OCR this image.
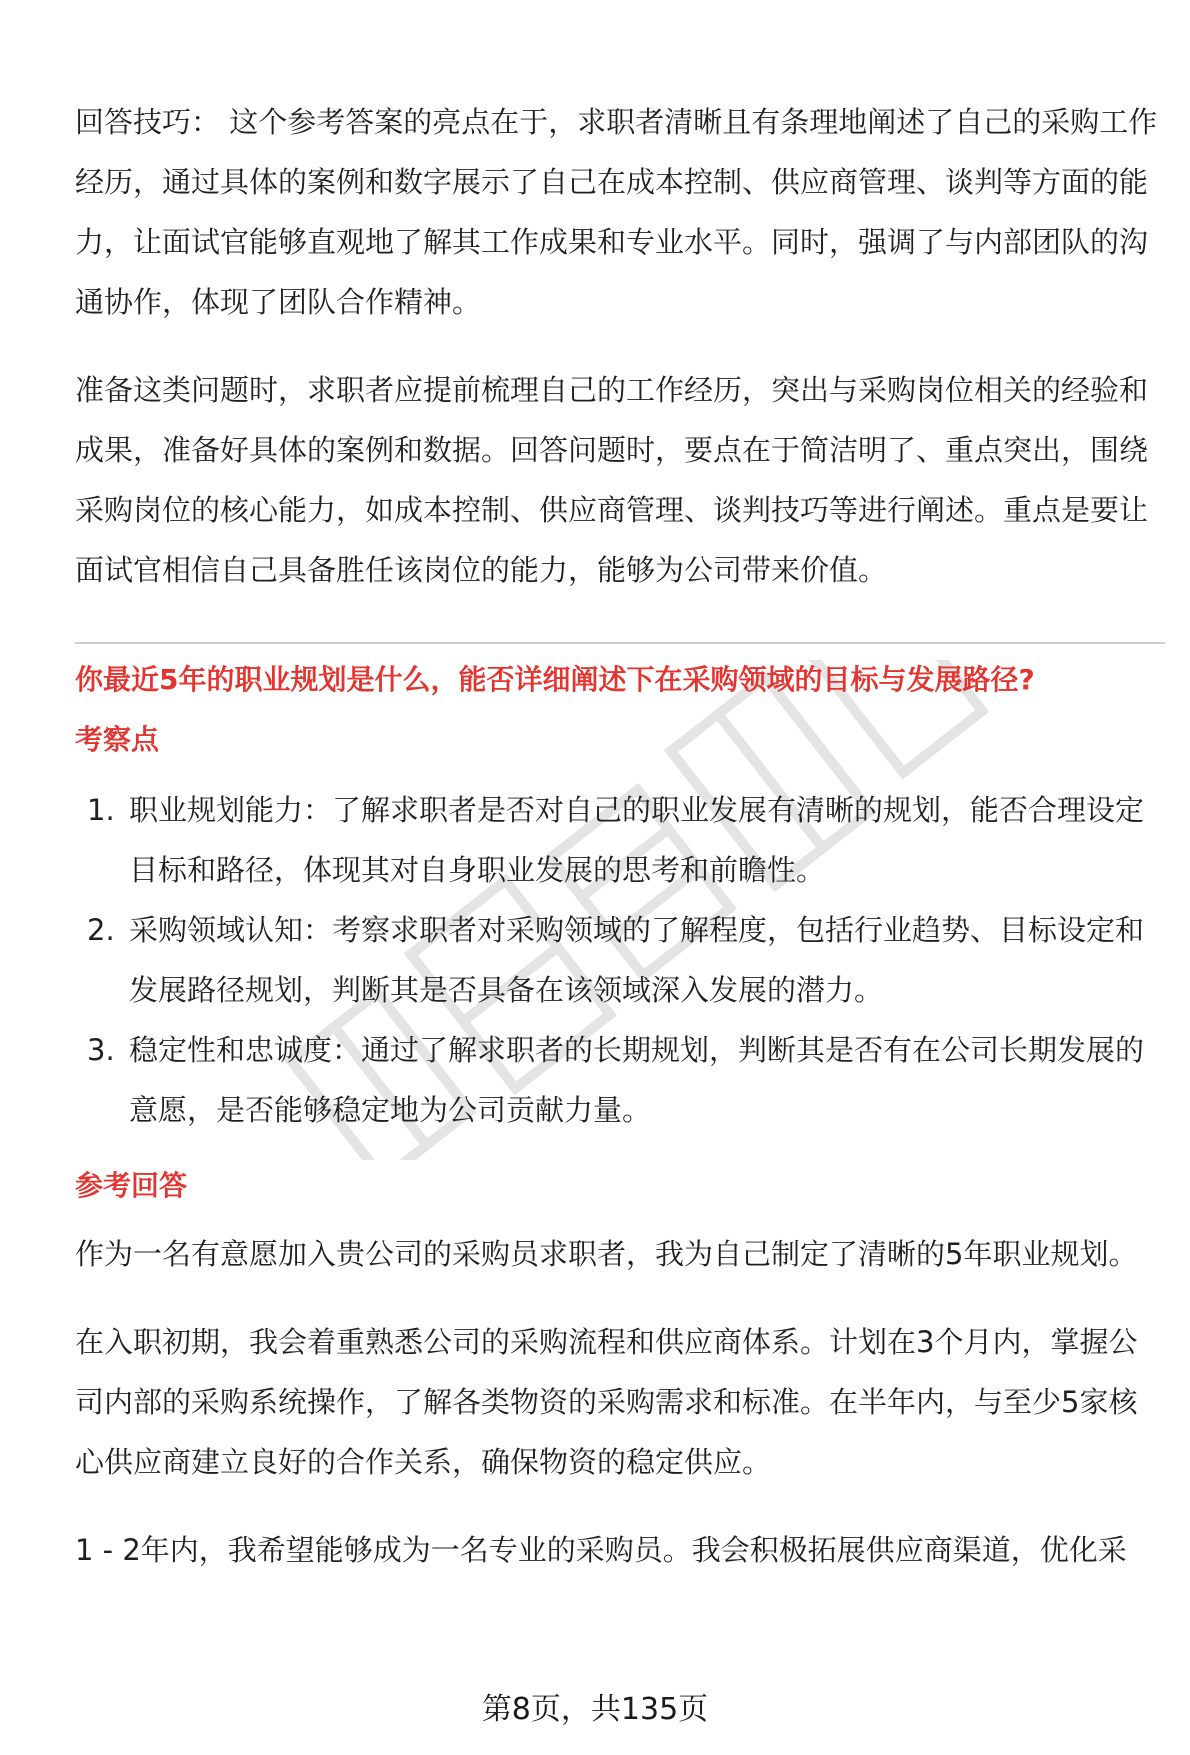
回答技巧： 这个参考答案的亮点在于，求职者清晰且有条理地阐述了自己的采购工作经历，通过具体的案例和数字展示了自己在成本控制、供应商管理、谈判等方面的能力，让面试官能够直观地了解其工作成果和专业水平。同时，强调了与内部团队的沟通协作，体现了团队合作精神。

准备这类问题时，求职者应提前梳理自己的工作经历，突出与采购岗位相关的经验和成果，准备好具体的案例和数据。回答问题时，要点在于简洁明了、重点突出，围绕采购岗位的核心能力，如成本控制、供应商管理、谈判技巧等进行阐述。重点是要让面试官相信自己具备胜任该岗位的能力，能够为公司带来价值。

你最近5年的职业规划是什么，能否详细阐述下在采购领域的目标与发展路径?

考察点

1. 职业规划能力：了解求职者是否对自己的职业发展有清晰的规划，能否合理设定目标和路径，体现其对自身职业发展的思考和前瞻性。
2. 采购领域认知：考察求职者对采购领域的了解程度，包括行业趋势、目标设定和发展路径规划，判断其是否具备在该领域深入发展的潜力。
3. 稳定性和忠诚度：通过了解求职者的长期规划，判断其是否有在公司长期发展的意愿，是否能够稳定地为公司贡献力量。

参考回答

作为一名有意愿加入贵公司的采购员求职者，我为自己制定了清晰的5年职业规划。

在入职初期，我会着重熟悉公司的采购流程和供应商体系。计划在3个月内，掌握公司内部的采购系统操作，了解各类物资的采购需求和标准。在半年内，与至少5家核心供应商建立良好的合作关系，确保物资的稳定供应。

1 - 2年内，我希望能够成为一名专业的采购员。我会积极拓展供应商渠道，优化采

第8页，共135页
